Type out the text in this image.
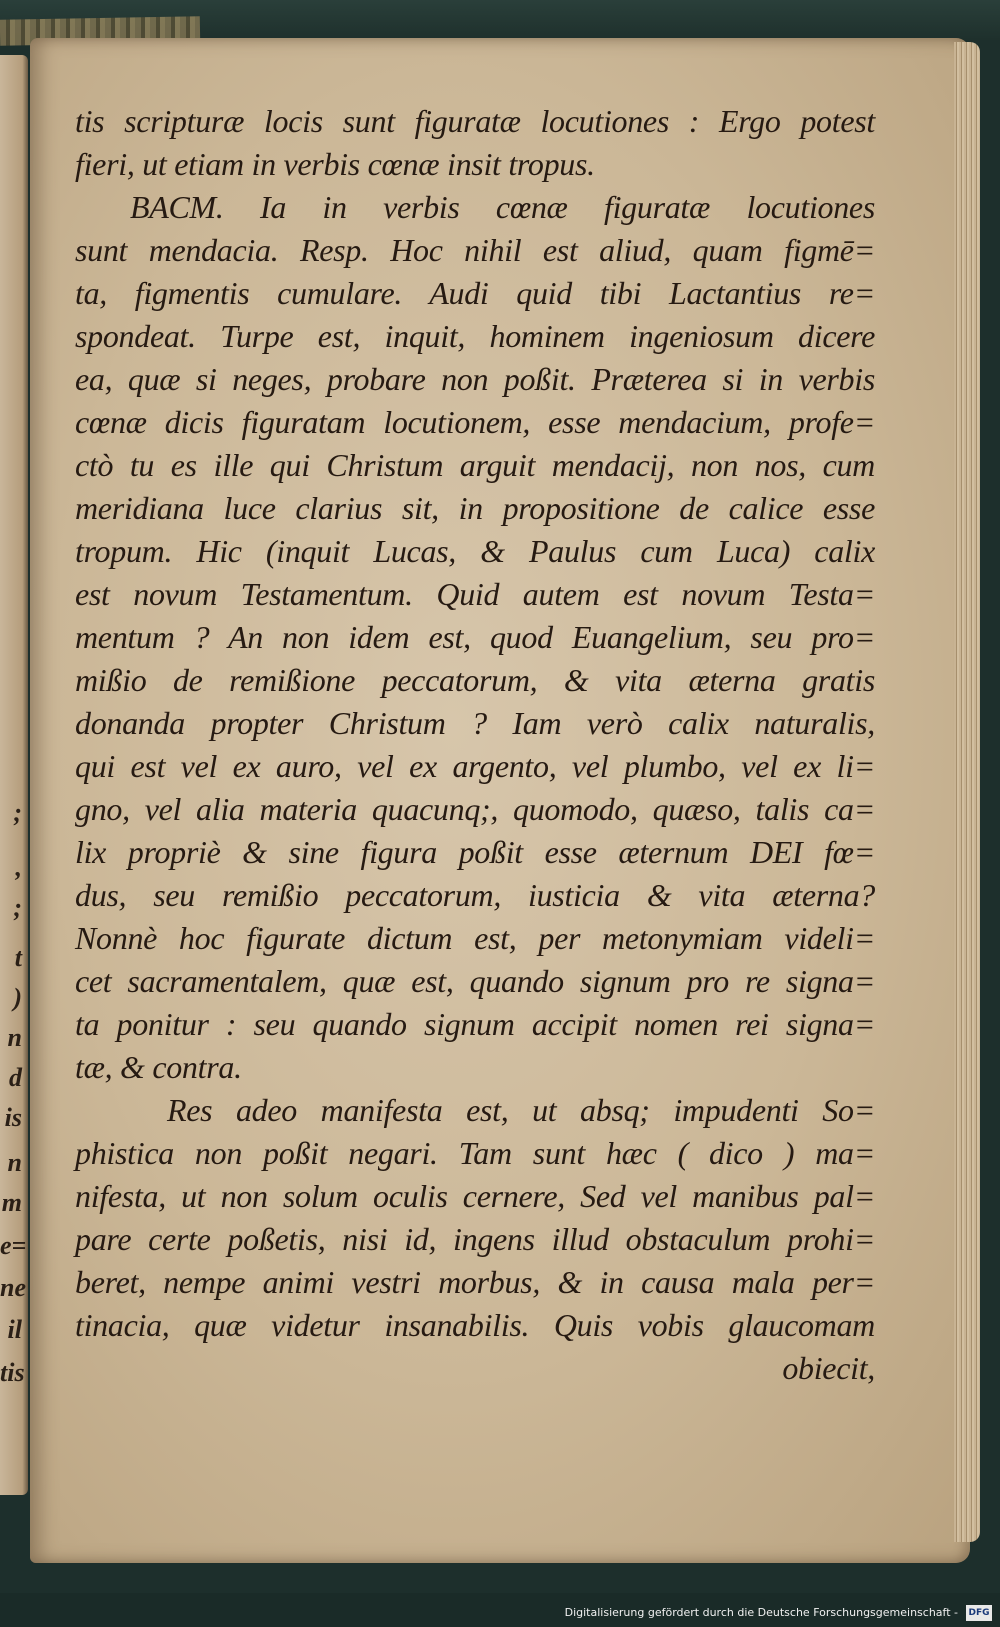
;
,
;
t
)
n
d
is
n
m
e=
ne
il
tis
tis scripturæ locis sunt figuratæ locutiones : Ergo potest
fieri, ut etiam in verbis cœnæ insit tropus.
BACM. Ia in verbis cœnæ figuratæ locutiones
sunt mendacia. Resp. Hoc nihil est aliud, quam figmē=
ta, figmentis cumulare. Audi quid tibi Lactantius re=
spondeat. Turpe est, inquit, hominem ingeniosum dicere
ea, quæ si neges, probare non poßit. Præterea si in verbis
cœnæ dicis figuratam locutionem, esse mendacium, profe=
ctò tu es ille qui Christum arguit mendacij, non nos, cum
meridiana luce clarius sit, in propositione de calice esse
tropum. Hic (inquit Lucas, & Paulus cum Luca) calix
est novum Testamentum. Quid autem est novum Testa=
mentum ? An non idem est, quod Euangelium, seu pro=
mißio de remißione peccatorum, & vita æterna gratis
donanda propter Christum ? Iam verò calix naturalis,
qui est vel ex auro, vel ex argento, vel plumbo, vel ex li=
gno, vel alia materia quacunq;, quomodo, quæso, talis ca=
lix propriè & sine figura poßit esse æternum DEI fœ=
dus, seu remißio peccatorum, iusticia & vita æterna?
Nonnè hoc figurate dictum est, per metonymiam videli=
cet sacramentalem, quæ est, quando signum pro re signa=
ta ponitur : seu quando signum accipit nomen rei signa=
tæ, & contra.
Res adeo manifesta est, ut absq; impudenti So=
phistica non poßit negari. Tam sunt hæc ( dico ) ma=
nifesta, ut non solum oculis cernere, Sed vel manibus pal=
pare certe poßetis, nisi id, ingens illud obstaculum prohi=
beret, nempe animi vestri morbus, & in causa mala per=
tinacia, quæ videtur insanabilis. Quis vobis glaucomam
obiecit,
Digitalisierung gefördert durch die Deutsche Forschungsgemeinschaft - DFG
